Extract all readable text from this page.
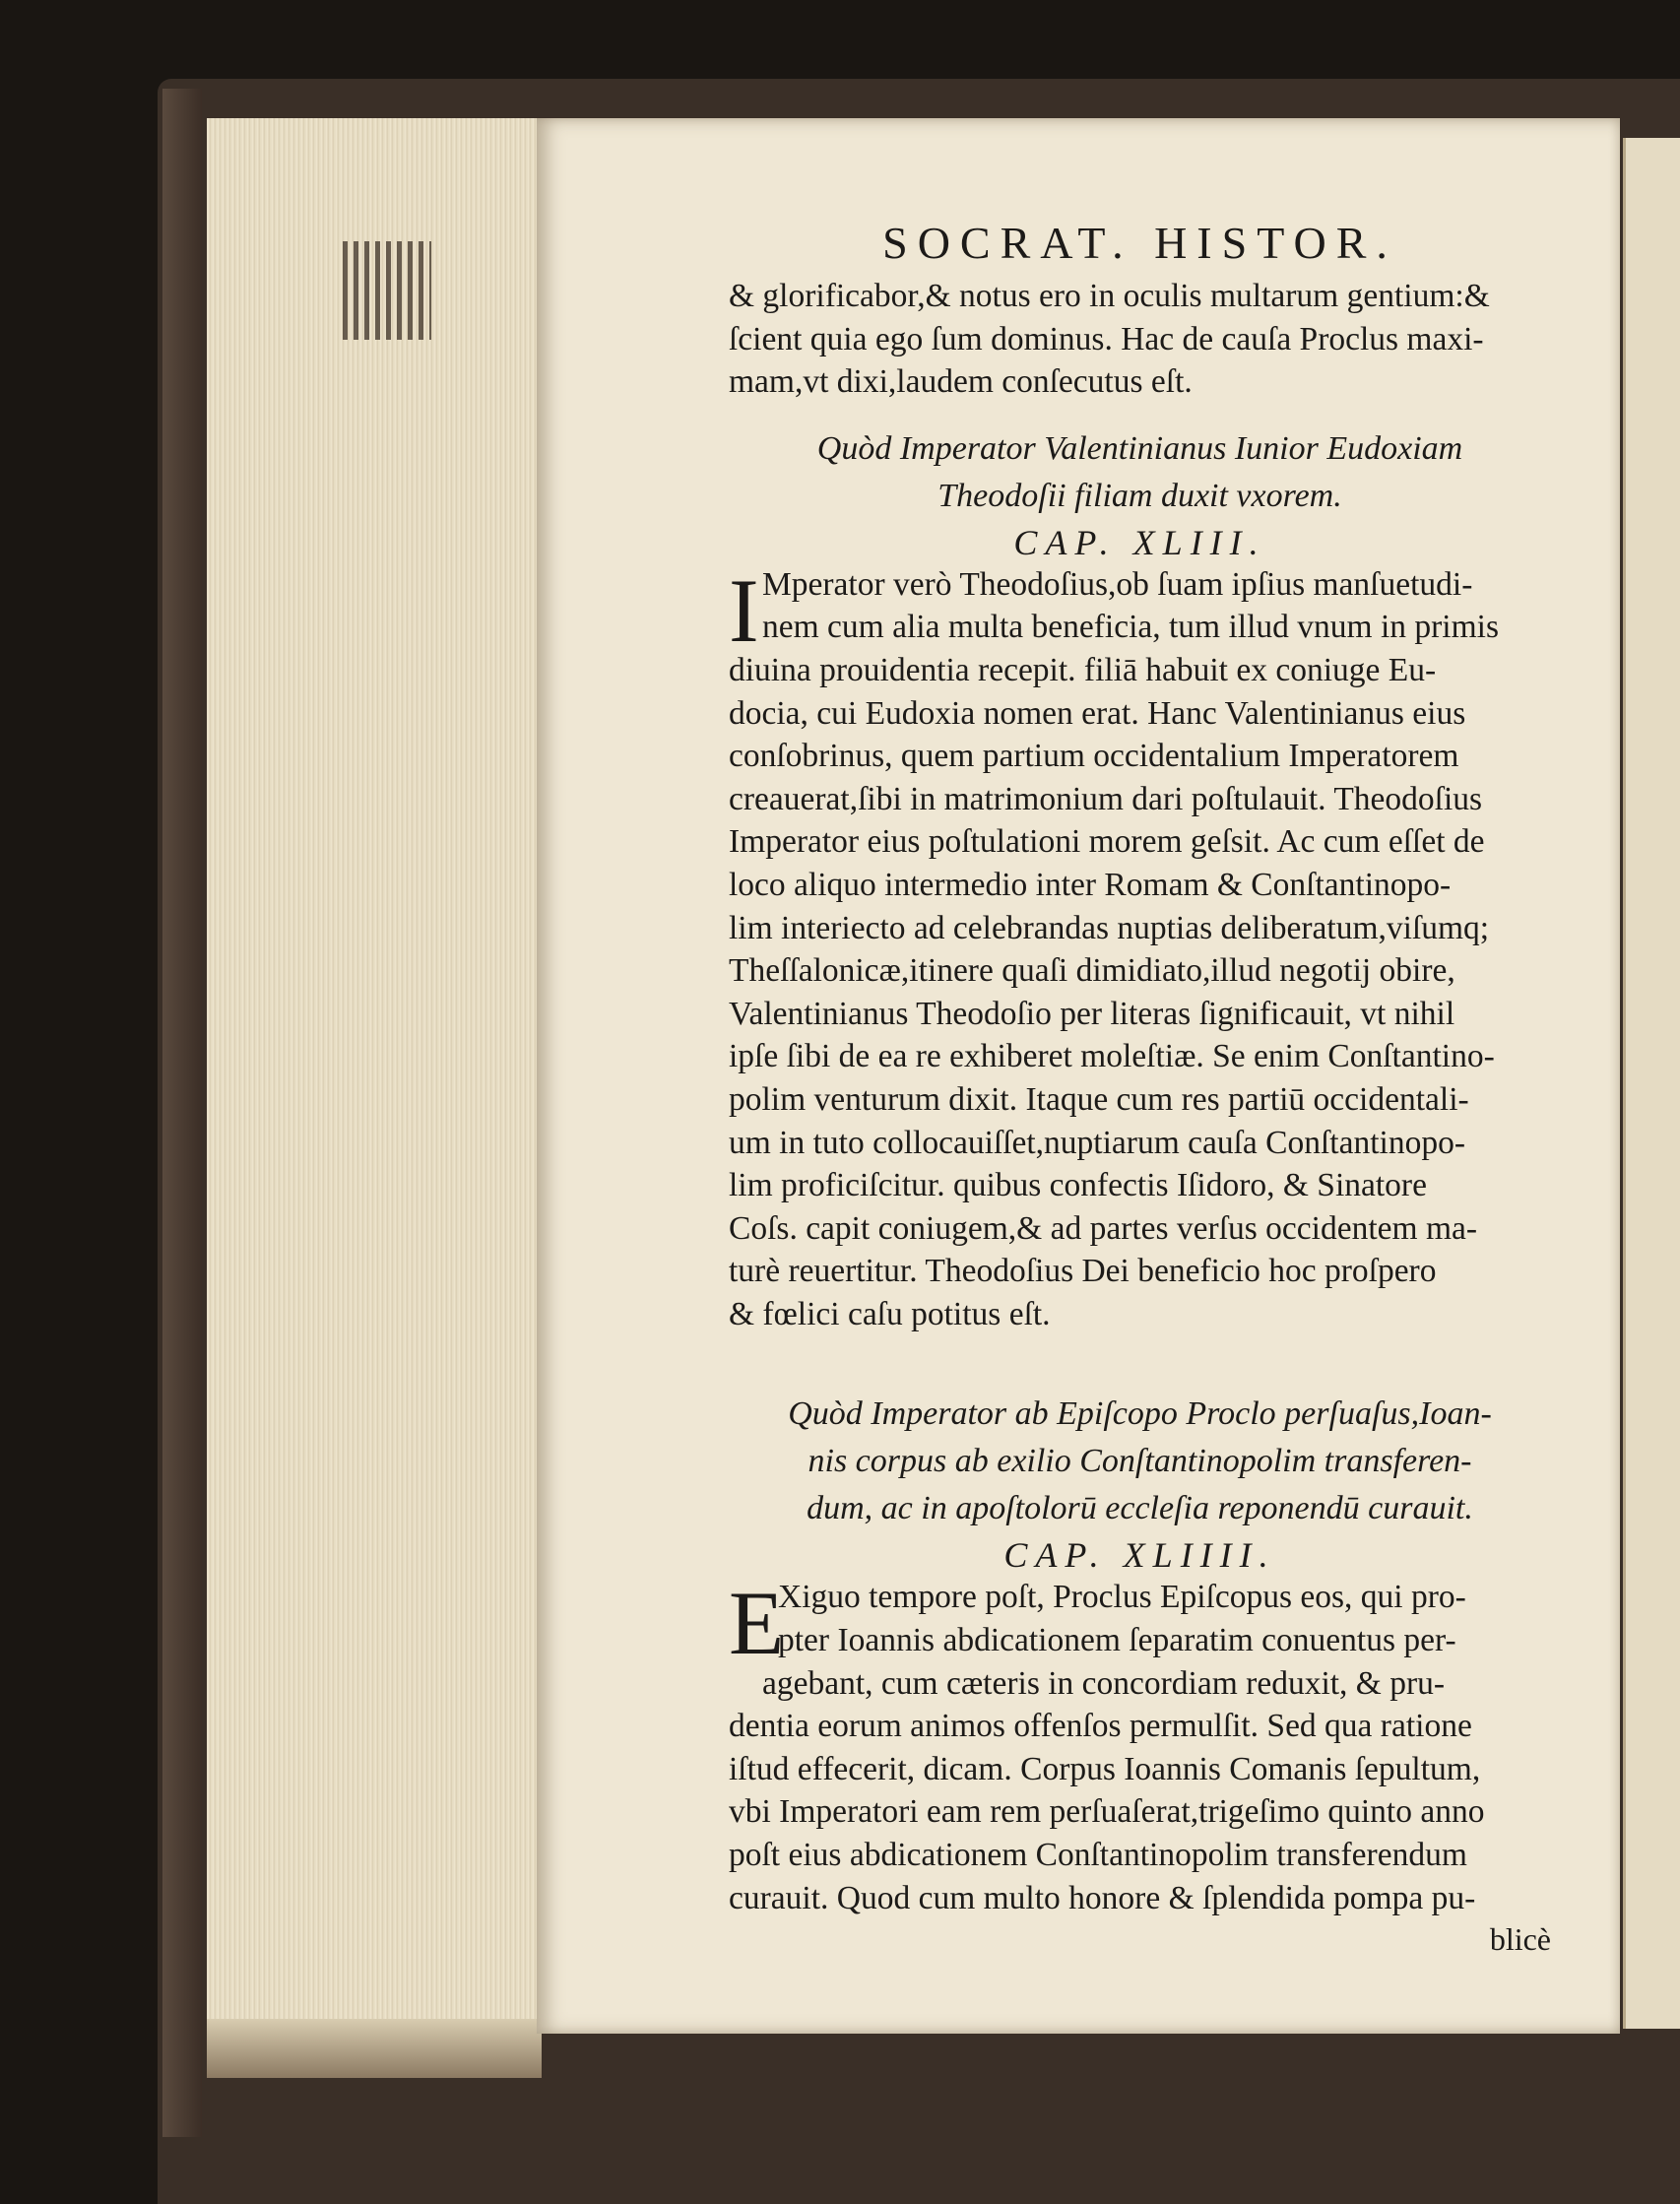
SOCRAT. HISTOR.
& glorificabor,& notus ero in oculis multarum gentium:&
ſcient quia ego ſum dominus. Hac de cauſa Proclus maxi-
mam,vt dixi,laudem conſecutus eſt.
Quòd Imperator Valentinianus Iunior Eudoxiam
Theodoſii filiam duxit vxorem.
CAP. XLIII.
I Mperator verò Theodoſius,ob ſuam ipſius manſuetudi-
nem cum alia multa beneficia, tum illud vnum in primis
diuina prouidentia recepit. filiā habuit ex coniuge Eu-
docia, cui Eudoxia nomen erat. Hanc Valentinianus eius
conſobrinus, quem partium occidentalium Imperatorem
creauerat,ſibi in matrimonium dari poſtulauit. Theodoſius
Imperator eius poſtulationi morem geſsit. Ac cum eſſet de
loco aliquo intermedio inter Romam & Conſtantinopo-
lim interiecto ad celebrandas nuptias deliberatum,viſumq;
Theſſalonicæ,itinere quaſi dimidiato,illud negotij obire,
Valentinianus Theodoſio per literas ſignificauit, vt nihil
ipſe ſibi de ea re exhiberet moleſtiæ. Se enim Conſtantino-
polim venturum dixit. Itaque cum res partiū occidentali-
um in tuto collocauiſſet,nuptiarum cauſa Conſtantinopo-
lim proficiſcitur. quibus confectis Iſidoro, & Sinatore
Coſs. capit coniugem,& ad partes verſus occidentem ma-
turè reuertitur. Theodoſius Dei beneficio hoc proſpero
& fœlici caſu potitus eſt.
Quòd Imperator ab Epiſcopo Proclo perſuaſus,Ioan-
nis corpus ab exilio Conſtantinopolim transferen-
dum, ac in apoſtolorū eccleſia reponendū curauit.
CAP. XLIIII.
E
Xiguo tempore poſt, Proclus Epiſcopus eos, qui pro-
pter Ioannis abdicationem ſeparatim conuentus per-
agebant, cum cæteris in concordiam reduxit, & pru-
dentia eorum animos offenſos permulſit. Sed qua ratione
iſtud effecerit, dicam. Corpus Ioannis Comanis ſepultum,
vbi Imperatori eam rem perſuaſerat,trigeſimo quinto anno
poſt eius abdicationem Conſtantinopolim transferendum
curauit. Quod cum multo honore & ſplendida pompa pu-
blicè
